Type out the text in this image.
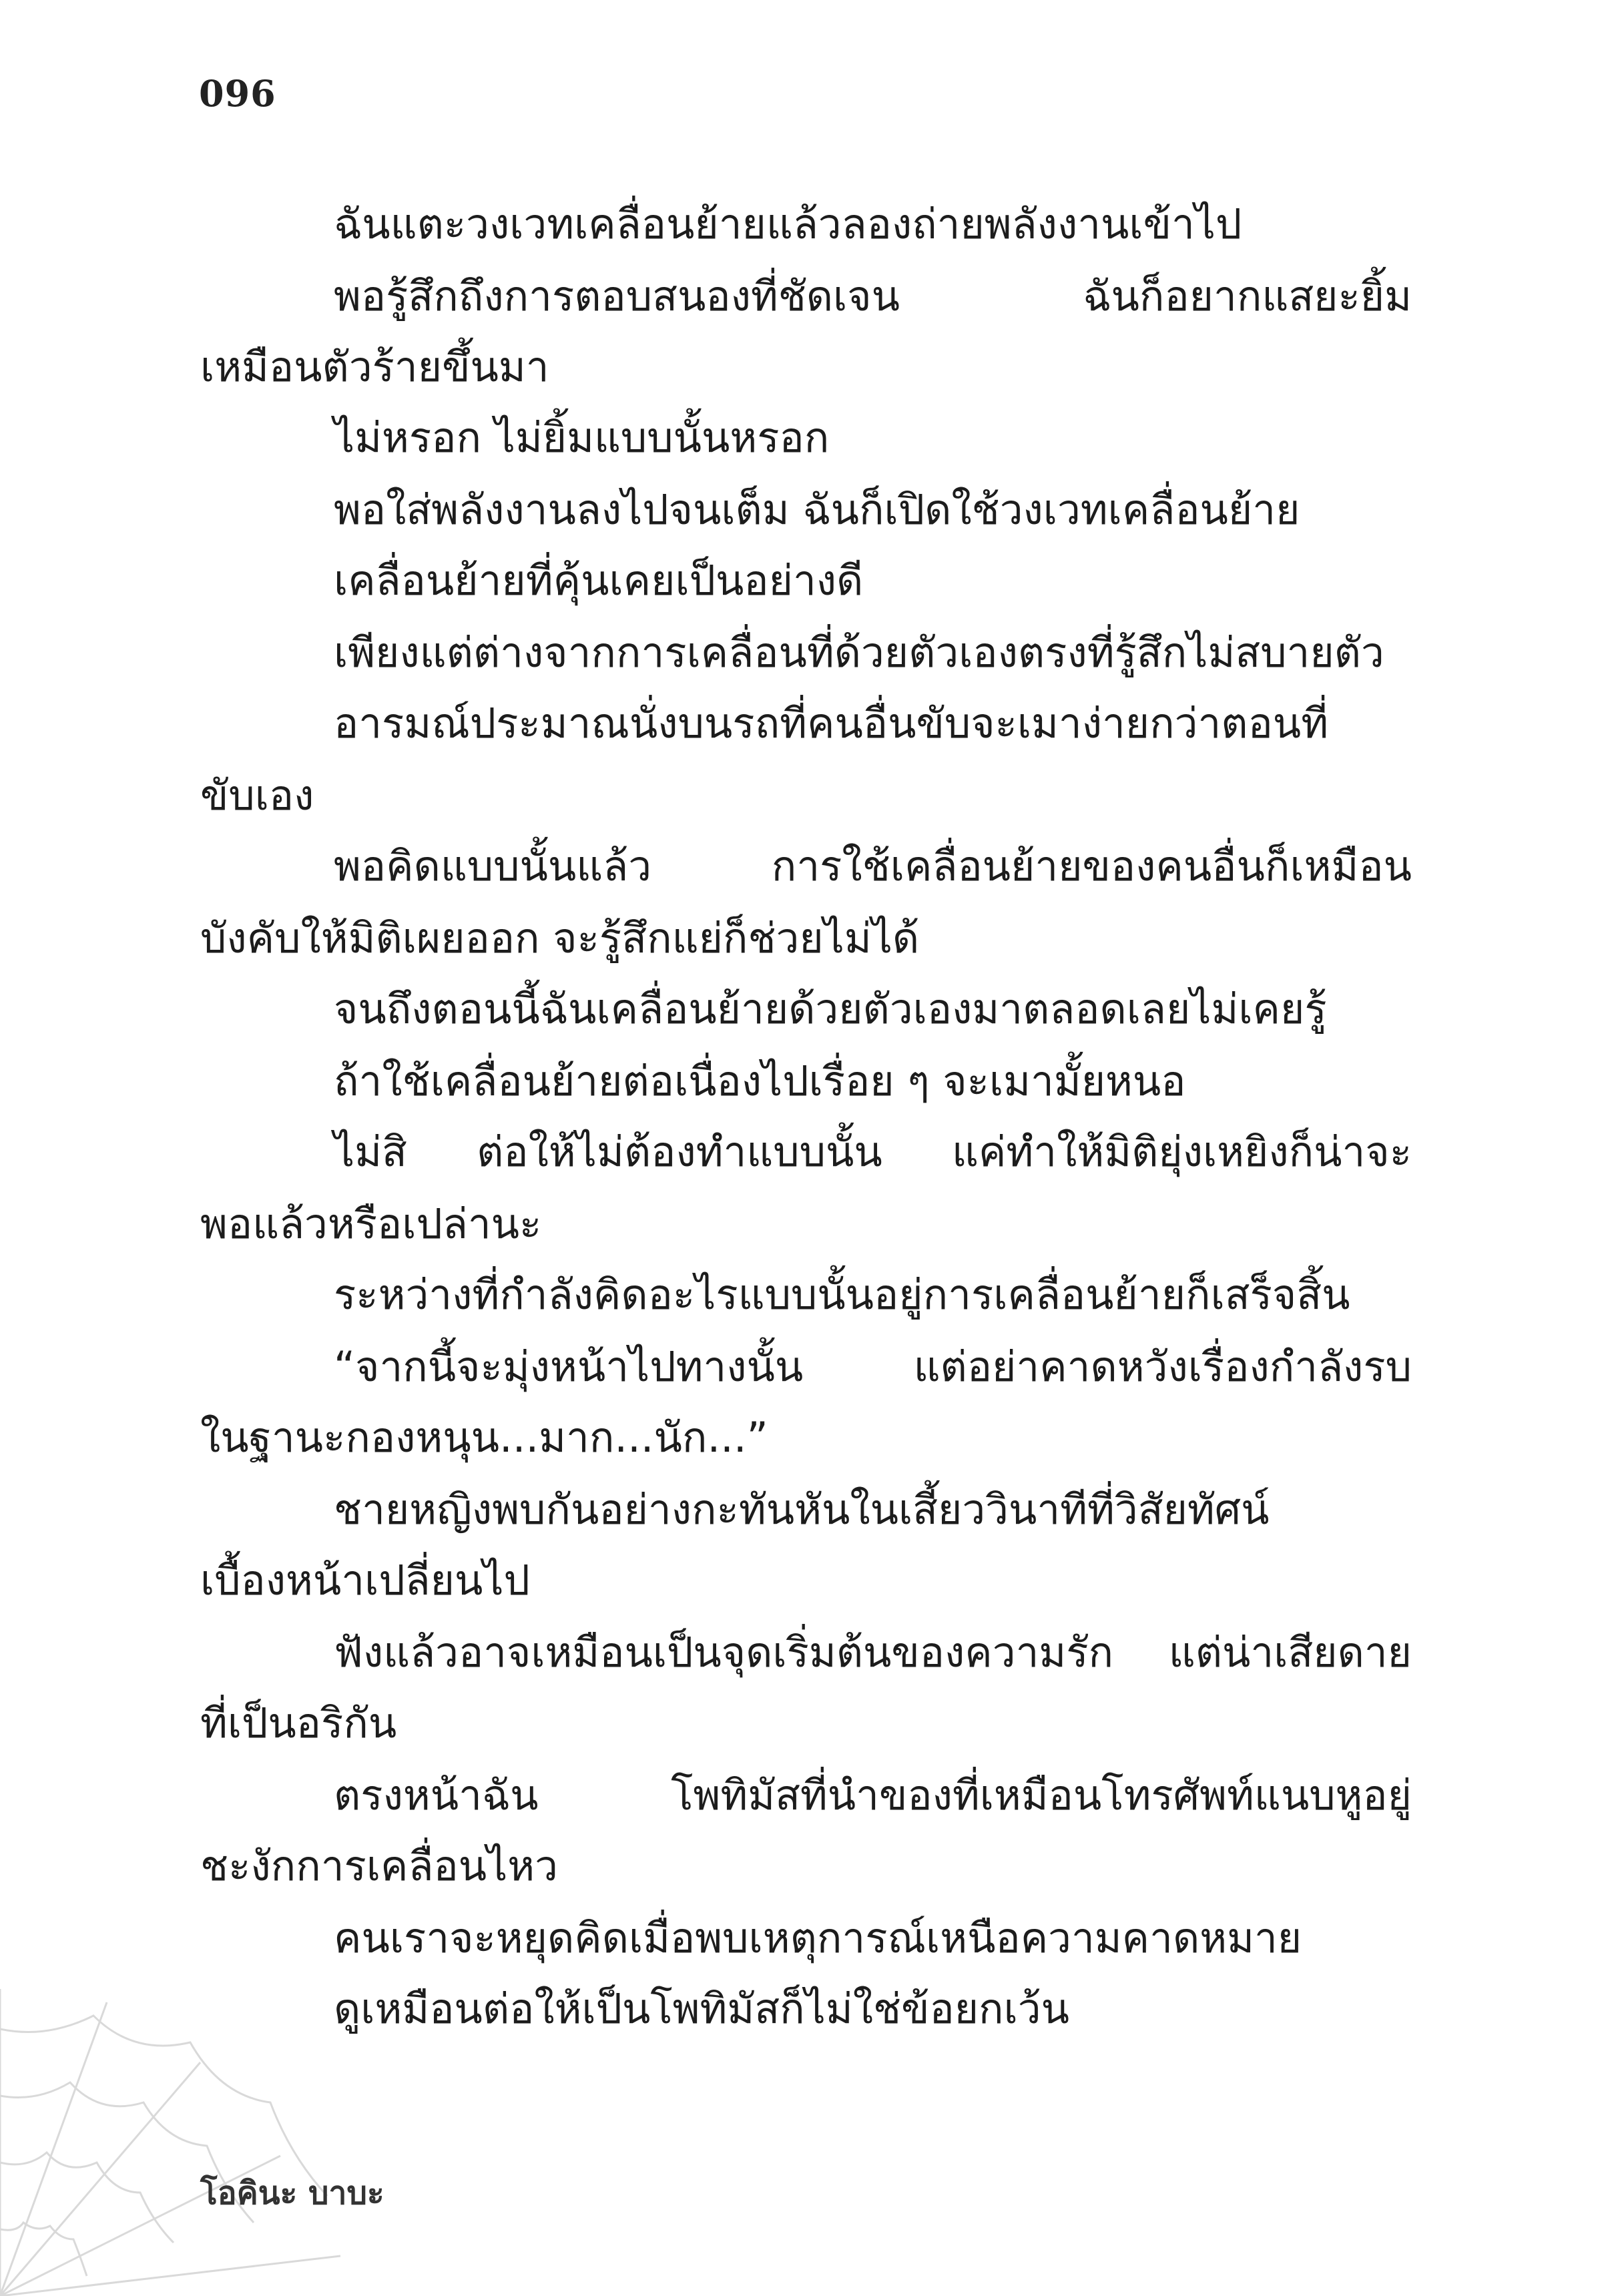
096
ฉันแตะวงเวทเคลื่อนย้ายแล้วลองถ่ายพลังงานเข้าไป
พอรู้สึกถึงการตอบสนองที่ชัดเจน ฉันก็อยากแสยะยิ้ม
เหมือนตัวร้ายขึ้นมา
ไม่หรอก ไม่ยิ้มแบบนั้นหรอก
พอใส่พลังงานลงไปจนเต็ม ฉันก็เปิดใช้วงเวทเคลื่อนย้าย
เคลื่อนย้ายที่คุ้นเคยเป็นอย่างดี
เพียงแต่ต่างจากการเคลื่อนที่ด้วยตัวเองตรงที่รู้สึกไม่สบายตัว
อารมณ์ประมาณนั่งบนรถที่คนอื่นขับจะเมาง่ายกว่าตอนที่
ขับเอง
พอคิดแบบนั้นแล้ว การใช้เคลื่อนย้ายของคนอื่นก็เหมือน
บังคับให้มิติเผยออก จะรู้สึกแย่ก็ช่วยไม่ได้
จนถึงตอนนี้ฉันเคลื่อนย้ายด้วยตัวเองมาตลอดเลยไม่เคยรู้
ถ้าใช้เคลื่อนย้ายต่อเนื่องไปเรื่อย ๆ จะเมามั้ยหนอ
ไม่สิ ต่อให้ไม่ต้องทำแบบนั้น แค่ทำให้มิติยุ่งเหยิงก็น่าจะ
พอแล้วหรือเปล่านะ
ระหว่างที่กำลังคิดอะไรแบบนั้นอยู่การเคลื่อนย้ายก็เสร็จสิ้น
“จากนี้จะมุ่งหน้าไปทางนั้น แต่อย่าคาดหวังเรื่องกำลังรบ
ในฐานะกองหนุน...มาก...นัก...”
ชายหญิงพบกันอย่างกะทันหันในเสี้ยววินาทีที่วิสัยทัศน์
เบื้องหน้าเปลี่ยนไป
ฟังแล้วอาจเหมือนเป็นจุดเริ่มต้นของความรัก แต่น่าเสียดาย
ที่เป็นอริกัน
ตรงหน้าฉัน โพทิมัสที่นำของที่เหมือนโทรศัพท์แนบหูอยู่
ชะงักการเคลื่อนไหว
คนเราจะหยุดคิดเมื่อพบเหตุการณ์เหนือความคาดหมาย
ดูเหมือนต่อให้เป็นโพทิมัสก็ไม่ใช่ข้อยกเว้น
โอคินะ บาบะ
